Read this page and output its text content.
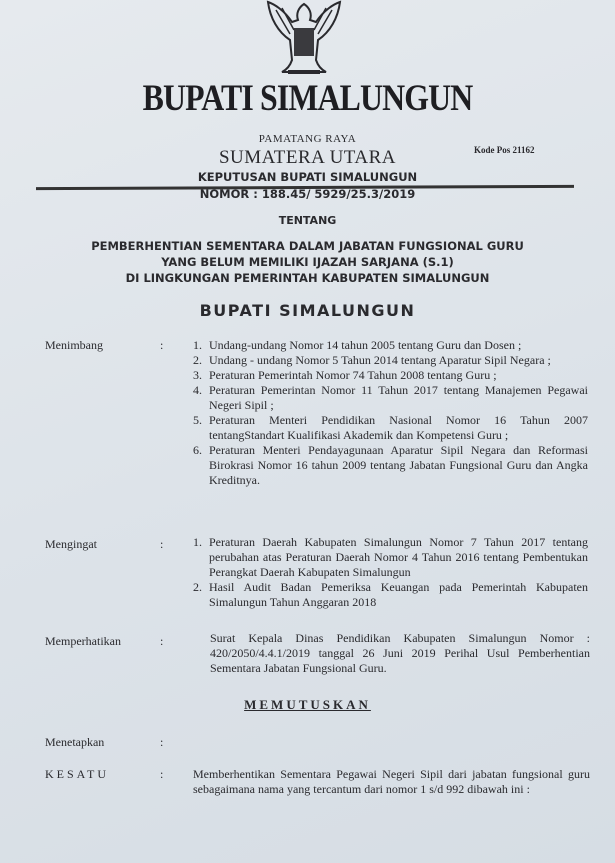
BUPATI SIMALUNGUN
PAMATANG RAYA
SUMATERA UTARA	Kode Pos 21162
KEPUTUSAN BUPATI SIMALUNGUN
NOMOR : 188.45/ 5929/25.3/2019
TENTANG
PEMBERHENTIAN SEMENTARA DALAM JABATAN FUNGSIONAL GURU
YANG BELUM MEMILIKI IJAZAH SARJANA (S.1)
DI LINGKUNGAN PEMERINTAH KABUPATEN SIMALUNGUN
BUPATI SIMALUNGUN
Menimbang	: 1. Undang-undang Nomor 14 tahun 2005 tentang Guru dan Dosen ;
2. Undang - undang Nomor 5 Tahun 2014 tentang Aparatur Sipil Negara ;
3. Peraturan Pemerintah Nomor 74 Tahun 2008 tentang Guru ;
4. Peraturan Pemerintan Nomor 11 Tahun 2017 tentang Manajemen Pegawai Negeri Sipil ;
5. Peraturan Menteri Pendidikan Nasional Nomor 16 Tahun 2007 tentangStandart Kualifikasi Akademik dan Kompetensi Guru ;
6. Peraturan Menteri Pendayagunaan Aparatur Sipil Negara dan Reformasi Birokrasi Nomor 16 tahun 2009 tentang Jabatan Fungsional Guru dan Angka Kreditnya.
Mengingat	: 1. Peraturan Daerah Kabupaten Simalungun Nomor 7 Tahun 2017 tentang perubahan atas Peraturan Daerah Nomor 4 Tahun 2016 tentang Pembentukan Perangkat Daerah Kabupaten Simalungun
2. Hasil Audit Badan Pemeriksa Keuangan pada Pemerintah Kabupaten Simalungun Tahun Anggaran 2018
Memperhatikan	:	Surat Kepala Dinas Pendidikan Kabupaten Simalungun Nomor : 420/2050/4.4.1/2019 tanggal 26 Juni 2019 Perihal Usul Pemberhentian Sementara Jabatan Fungsional Guru.
MEMUTUSKAN
Menetapkan	:
KESATU	: Memberhentikan Sementara Pegawai Negeri Sipil dari jabatan fungsional guru sebagaimana nama yang tercantum dari nomor 1 s/d 992 dibawah ini :
